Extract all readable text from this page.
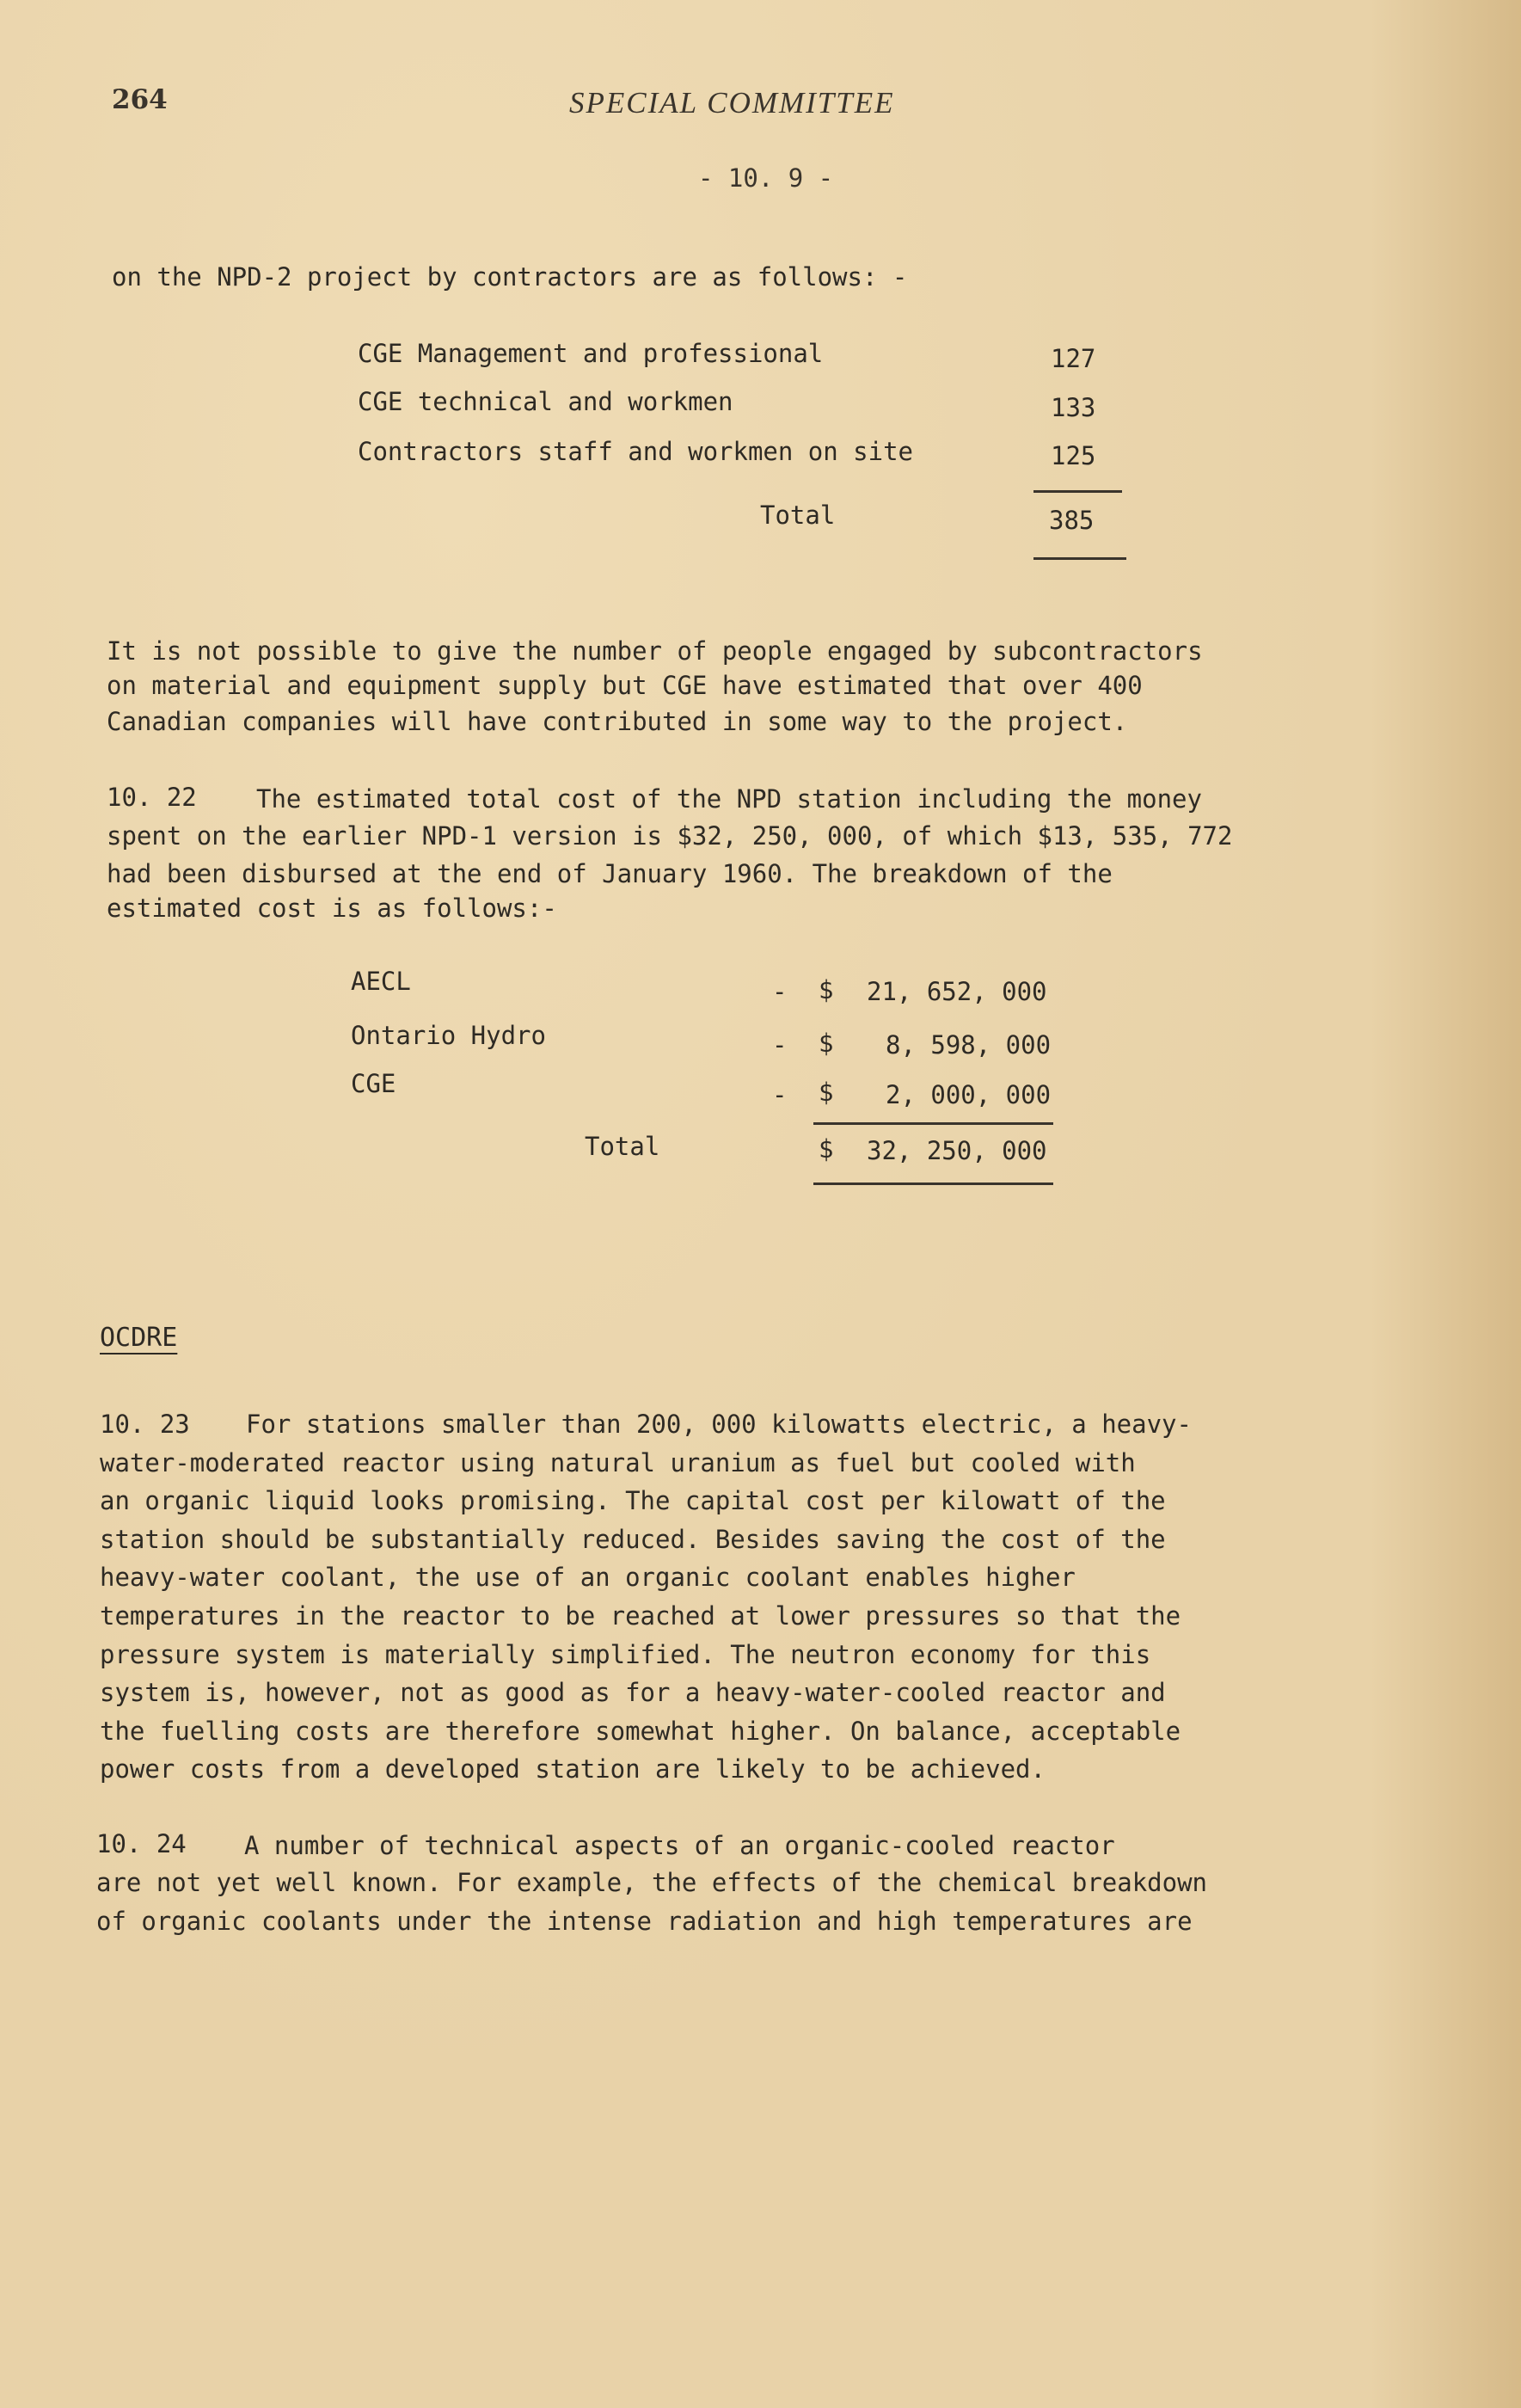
264	SPECIAL COMMITTEE
- 10. 9 -
on the NPD-2 project by contractors are as follows: -
CGE Management and professional	127
CGE technical and workmen	133
Contractors staff and workmen on site	125
Total	385
It is not possible to give the number of people engaged by subcontractors
on material and equipment supply but CGE have estimated that over 400
Canadian companies will have contributed in some way to the project.
10. 22 The estimated total cost of the NPD station including the money
spent on the earlier NPD-1 version is $32, 250, 000, of which $13, 535, 772
had been disbursed at the end of January 1960. The breakdown of the
estimated cost is as follows:-
AECL	- $ 21, 652, 000
Ontario Hydro	- $ 8, 598, 000
CGE	- $ 2, 000, 000
Total	$ 32, 250, 000
OCDRE
10. 23 For stations smaller than 200, 000 kilowatts electric, a heavy-
water-moderated reactor using natural uranium as fuel but cooled with
an organic liquid looks promising. The capital cost per kilowatt of the
station should be substantially reduced. Besides saving the cost of the
heavy-water coolant, the use of an organic coolant enables higher
temperatures in the reactor to be reached at lower pressures so that the
pressure system is materially simplified. The neutron economy for this
system is, however, not as good as for a heavy-water-cooled reactor and
the fuelling costs are therefore somewhat higher. On balance, acceptable
power costs from a developed station are likely to be achieved.
10. 24 A number of technical aspects of an organic-cooled reactor
are not yet well known. For example, the effects of the chemical breakdown
of organic coolants under the intense radiation and high temperatures are
